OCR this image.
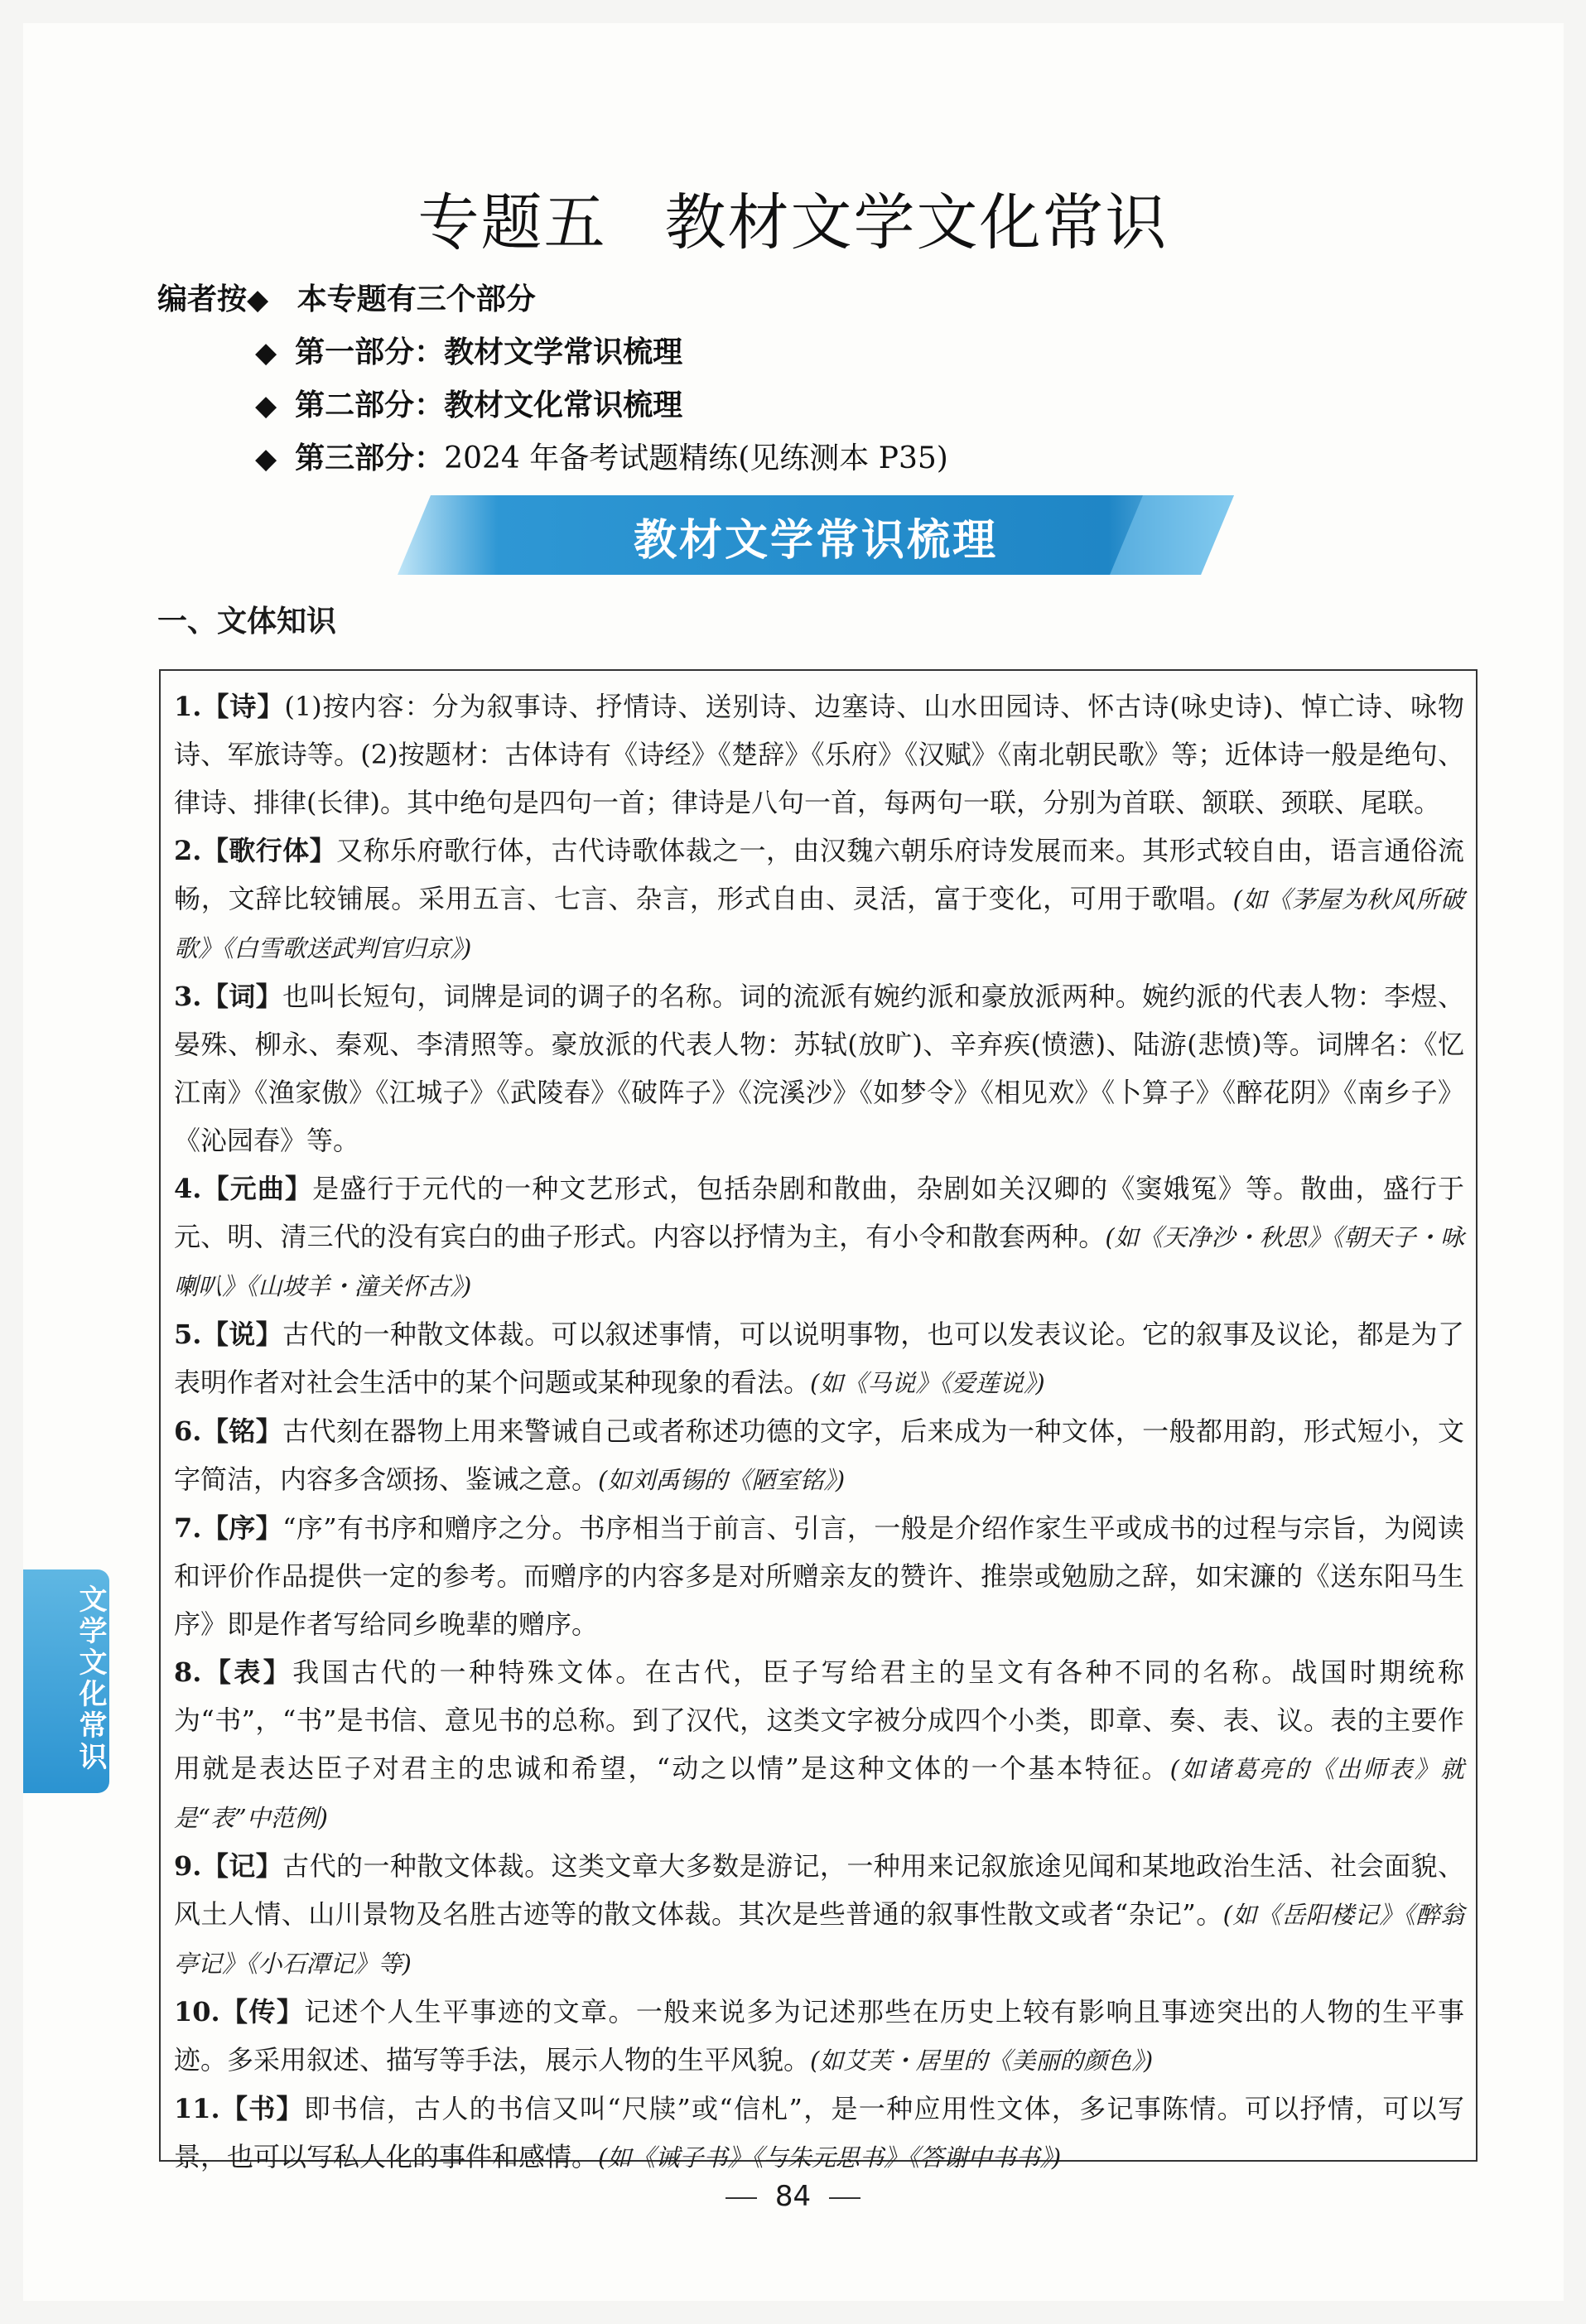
专题五 教材文学文化常识
编者按◆ 本专题有三个部分
◆ 第一部分：教材文学常识梳理
◆ 第二部分：教材文化常识梳理
◆ 第三部分：2024 年备考试题精练(见练测本 P35)
教材文学常识梳理
一、文体知识

1.【诗】(1)按内容：分为叙事诗、抒情诗、送别诗、边塞诗、山水田园诗、怀古诗(咏史诗)、悼亡诗、咏物诗、军旅诗等。(2)按题材：古体诗有《诗经》《楚辞》《乐府》《汉赋》《南北朝民歌》等；近体诗一般是绝句、律诗、排律(长律)。其中绝句是四句一首；律诗是八句一首，每两句一联，分别为首联、颔联、颈联、尾联。

2.【歌行体】又称乐府歌行体，古代诗歌体裁之一，由汉魏六朝乐府诗发展而来。其形式较自由，语言通俗流畅，文辞比较铺展。采用五言、七言、杂言，形式自由、灵活，富于变化，可用于歌唱。(如《茅屋为秋风所破歌》《白雪歌送武判官归京》)

3.【词】也叫长短句，词牌是词的调子的名称。词的流派有婉约派和豪放派两种。婉约派的代表人物：李煜、晏殊、柳永、秦观、李清照等。豪放派的代表人物：苏轼(放旷)、辛弃疾(愤懑)、陆游(悲愤)等。词牌名：《忆江南》《渔家傲》《江城子》《武陵春》《破阵子》《浣溪沙》《如梦令》《相见欢》《卜算子》《醉花阴》《南乡子》《沁园春》等。

4.【元曲】是盛行于元代的一种文艺形式，包括杂剧和散曲，杂剧如关汉卿的《窦娥冤》等。散曲，盛行于元、明、清三代的没有宾白的曲子形式。内容以抒情为主，有小令和散套两种。(如《天净沙・秋思》《朝天子・咏喇叭》《山坡羊・潼关怀古》)

5.【说】古代的一种散文体裁。可以叙述事情，可以说明事物，也可以发表议论。它的叙事及议论，都是为了表明作者对社会生活中的某个问题或某种现象的看法。(如《马说》《爱莲说》)

6.【铭】古代刻在器物上用来警诫自己或者称述功德的文字，后来成为一种文体，一般都用韵，形式短小，文字简洁，内容多含颂扬、鉴诫之意。(如刘禹锡的《陋室铭》)

7.【序】“序”有书序和赠序之分。书序相当于前言、引言，一般是介绍作家生平或成书的过程与宗旨，为阅读和评价作品提供一定的参考。而赠序的内容多是对所赠亲友的赞许、推崇或勉励之辞，如宋濂的《送东阳马生序》即是作者写给同乡晚辈的赠序。

8.【表】我国古代的一种特殊文体。在古代，臣子写给君主的呈文有各种不同的名称。战国时期统称为“书”，“书”是书信、意见书的总称。到了汉代，这类文字被分成四个小类，即章、奏、表、议。表的主要作用就是表达臣子对君主的忠诚和希望，“动之以情”是这种文体的一个基本特征。(如诸葛亮的《出师表》就是“表”中范例)

9.【记】古代的一种散文体裁。这类文章大多数是游记，一种用来记叙旅途见闻和某地政治生活、社会面貌、风土人情、山川景物及名胜古迹等的散文体裁。其次是些普通的叙事性散文或者“杂记”。(如《岳阳楼记》《醉翁亭记》《小石潭记》等)

10.【传】记述个人生平事迹的文章。一般来说多为记述那些在历史上较有影响且事迹突出的人物的生平事迹。多采用叙述、描写等手法，展示人物的生平风貌。(如艾芙・居里的《美丽的颜色》)

11.【书】即书信，古人的书信又叫“尺牍”或“信札”，是一种应用性文体，多记事陈情。可以抒情，可以写景，也可以写私人化的事件和感情。(如《诫子书》《与朱元思书》《答谢中书书》)

文学文化常识
84
